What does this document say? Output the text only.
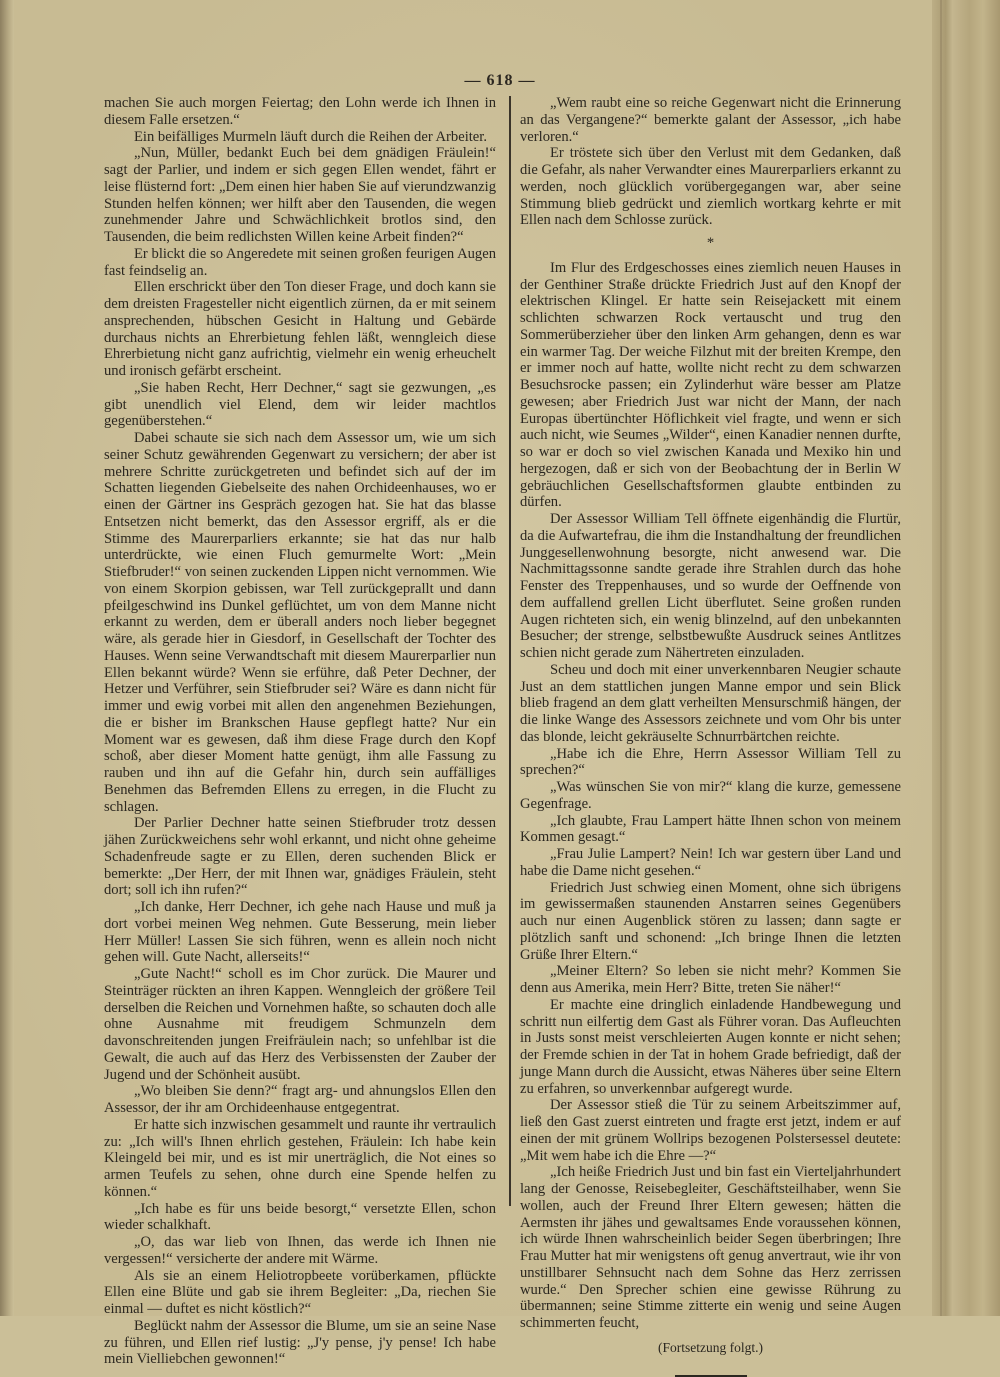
— 618 —

machen Sie auch morgen Feiertag; den Lohn werde ich Ihnen in diesem Falle ersetzen.“

Ein beifälliges Murmeln läuft durch die Reihen der Arbeiter.

„Nun, Müller, bedankt Euch bei dem gnädigen Fräulein!“ sagt der Parlier, und indem er sich gegen Ellen wendet, fährt er leise flüsternd fort: „Dem einen hier haben Sie auf vierundzwanzig Stunden helfen können; wer hilft aber den Tausenden, die wegen zunehmender Jahre und Schwächlichkeit brotlos sind, den Tausenden, die beim redlichsten Willen keine Arbeit finden?“

Er blickt die so Angeredete mit seinen großen feurigen Augen fast feindselig an.

Ellen erschrickt über den Ton dieser Frage, und doch kann sie dem dreisten Fragesteller nicht eigentlich zürnen, da er mit seinem ansprechenden, hübschen Gesicht in Haltung und Gebärde durchaus nichts an Ehrerbietung fehlen läßt, wenngleich diese Ehrerbietung nicht ganz aufrichtig, vielmehr ein wenig erheuchelt und ironisch gefärbt erscheint.

„Sie haben Recht, Herr Dechner,“ sagt sie gezwungen, „es gibt unendlich viel Elend, dem wir leider machtlos gegenüberstehen.“

Dabei schaute sie sich nach dem Assessor um, wie um sich seiner Schutz gewährenden Gegenwart zu versichern; der aber ist mehrere Schritte zurückgetreten und befindet sich auf der im Schatten liegenden Giebelseite des nahen Orchideenhauses, wo er einen der Gärtner ins Gespräch gezogen hat. Sie hat das blasse Entsetzen nicht bemerkt, das den Assessor ergriff, als er die Stimme des Maurerparliers erkannte; sie hat das nur halb unterdrückte, wie einen Fluch gemurmelte Wort: „Mein Stiefbruder!“ von seinen zuckenden Lippen nicht vernommen. Wie von einem Skorpion gebissen, war Tell zurückgeprallt und dann pfeilgeschwind ins Dunkel geflüchtet, um von dem Manne nicht erkannt zu werden, dem er überall anders noch lieber begegnet wäre, als gerade hier in Giesdorf, in Gesellschaft der Tochter des Hauses. Wenn seine Verwandtschaft mit diesem Maurerparlier nun Ellen bekannt würde? Wenn sie erführe, daß Peter Dechner, der Hetzer und Verführer, sein Stiefbruder sei? Wäre es dann nicht für immer und ewig vorbei mit allen den angenehmen Beziehungen, die er bisher im Brankschen Hause gepflegt hatte? Nur ein Moment war es gewesen, daß ihm diese Frage durch den Kopf schoß, aber dieser Moment hatte genügt, ihm alle Fassung zu rauben und ihn auf die Gefahr hin, durch sein auffälliges Benehmen das Befremden Ellens zu erregen, in die Flucht zu schlagen.

Der Parlier Dechner hatte seinen Stiefbruder trotz dessen jähen Zurückweichens sehr wohl erkannt, und nicht ohne geheime Schadenfreude sagte er zu Ellen, deren suchenden Blick er bemerkte: „Der Herr, der mit Ihnen war, gnädiges Fräulein, steht dort; soll ich ihn rufen?“

„Ich danke, Herr Dechner, ich gehe nach Hause und muß ja dort vorbei meinen Weg nehmen. Gute Besserung, mein lieber Herr Müller! Lassen Sie sich führen, wenn es allein noch nicht gehen will. Gute Nacht, allerseits!“

„Gute Nacht!“ scholl es im Chor zurück. Die Maurer und Steinträger rückten an ihren Kappen. Wenngleich der größere Teil derselben die Reichen und Vornehmen haßte, so schauten doch alle ohne Ausnahme mit freudigem Schmunzeln dem davonschreitenden jungen Freifräulein nach; so unfehlbar ist die Gewalt, die auch auf das Herz des Verbissensten der Zauber der Jugend und der Schönheit ausübt.

„Wo bleiben Sie denn?“ fragt arg- und ahnungslos Ellen den Assessor, der ihr am Orchideenhause entgegentrat.

Er hatte sich inzwischen gesammelt und raunte ihr vertraulich zu: „Ich will's Ihnen ehrlich gestehen, Fräulein: Ich habe kein Kleingeld bei mir, und es ist mir unerträglich, die Not eines so armen Teufels zu sehen, ohne durch eine Spende helfen zu können.“

„Ich habe es für uns beide besorgt,“ versetzte Ellen, schon wieder schalkhaft.

„O, das war lieb von Ihnen, das werde ich Ihnen nie vergessen!“ versicherte der andere mit Wärme.

Als sie an einem Heliotropbeete vorüberkamen, pflückte Ellen eine Blüte und gab sie ihrem Begleiter: „Da, riechen Sie einmal — duftet es nicht köstlich?“

Beglückt nahm der Assessor die Blume, um sie an seine Nase zu führen, und Ellen rief lustig: „J'y pense, j'y pense! Ich habe mein Vielliebchen gewonnen!“

„Wem raubt eine so reiche Gegenwart nicht die Erinnerung an das Vergangene?“ bemerkte galant der Assessor, „ich habe verloren.“

Er tröstete sich über den Verlust mit dem Gedanken, daß die Gefahr, als naher Verwandter eines Maurerparliers erkannt zu werden, noch glücklich vorübergegangen war, aber seine Stimmung blieb gedrückt und ziemlich wortkarg kehrte er mit Ellen nach dem Schlosse zurück.

*

Im Flur des Erdgeschosses eines ziemlich neuen Hauses in der Genthiner Straße drückte Friedrich Just auf den Knopf der elektrischen Klingel. Er hatte sein Reisejackett mit einem schlichten schwarzen Rock vertauscht und trug den Sommerüberzieher über den linken Arm gehangen, denn es war ein warmer Tag. Der weiche Filzhut mit der breiten Krempe, den er immer noch auf hatte, wollte nicht recht zu dem schwarzen Besuchsrocke passen; ein Zylinderhut wäre besser am Platze gewesen; aber Friedrich Just war nicht der Mann, der nach Europas übertünchter Höflichkeit viel fragte, und wenn er sich auch nicht, wie Seumes „Wilder“, einen Kanadier nennen durfte, so war er doch so viel zwischen Kanada und Mexiko hin und hergezogen, daß er sich von der Beobachtung der in Berlin W gebräuchlichen Gesellschaftsformen glaubte entbinden zu dürfen.

Der Assessor William Tell öffnete eigenhändig die Flurtür, da die Aufwartefrau, die ihm die Instandhaltung der freundlichen Junggesellenwohnung besorgte, nicht anwesend war. Die Nachmittagssonne sandte gerade ihre Strahlen durch das hohe Fenster des Treppenhauses, und so wurde der Oeffnende von dem auffallend grellen Licht überflutet. Seine großen runden Augen richteten sich, ein wenig blinzelnd, auf den unbekannten Besucher; der strenge, selbstbewußte Ausdruck seines Antlitzes schien nicht gerade zum Nähertreten einzuladen.

Scheu und doch mit einer unverkennbaren Neugier schaute Just an dem stattlichen jungen Manne empor und sein Blick blieb fragend an dem glatt verheilten Mensurschmiß hängen, der die linke Wange des Assessors zeichnete und vom Ohr bis unter das blonde, leicht gekräuselte Schnurrbärtchen reichte.

„Habe ich die Ehre, Herrn Assessor William Tell zu sprechen?“

„Was wünschen Sie von mir?“ klang die kurze, gemessene Gegenfrage.

„Ich glaubte, Frau Lampert hätte Ihnen schon von meinem Kommen gesagt.“

„Frau Julie Lampert? Nein! Ich war gestern über Land und habe die Dame nicht gesehen.“

Friedrich Just schwieg einen Moment, ohne sich übrigens im gewissermaßen staunenden Anstarren seines Gegenübers auch nur einen Augenblick stören zu lassen; dann sagte er plötzlich sanft und schonend: „Ich bringe Ihnen die letzten Grüße Ihrer Eltern.“

„Meiner Eltern? So leben sie nicht mehr? Kommen Sie denn aus Amerika, mein Herr? Bitte, treten Sie näher!“

Er machte eine dringlich einladende Handbewegung und schritt nun eilfertig dem Gast als Führer voran. Das Aufleuchten in Justs sonst meist verschleierten Augen konnte er nicht sehen; der Fremde schien in der Tat in hohem Grade befriedigt, daß der junge Mann durch die Aussicht, etwas Näheres über seine Eltern zu erfahren, so unverkennbar aufgeregt wurde.

Der Assessor stieß die Tür zu seinem Arbeitszimmer auf, ließ den Gast zuerst eintreten und fragte erst jetzt, indem er auf einen der mit grünem Wollrips bezogenen Polstersessel deutete: „Mit wem habe ich die Ehre —?“

„Ich heiße Friedrich Just und bin fast ein Vierteljahrhundert lang der Genosse, Reisebegleiter, Geschäftsteilhaber, wenn Sie wollen, auch der Freund Ihrer Eltern gewesen; hätten die Aermsten ihr jähes und gewaltsames Ende voraussehen können, ich würde Ihnen wahrscheinlich beider Segen überbringen; Ihre Frau Mutter hat mir wenigstens oft genug anvertraut, wie ihr von unstillbarer Sehnsucht nach dem Sohne das Herz zerrissen wurde.“ Den Sprecher schien eine gewisse Rührung zu übermannen; seine Stimme zitterte ein wenig und seine Augen schimmerten feucht,

(Fortsetzung folgt.)
